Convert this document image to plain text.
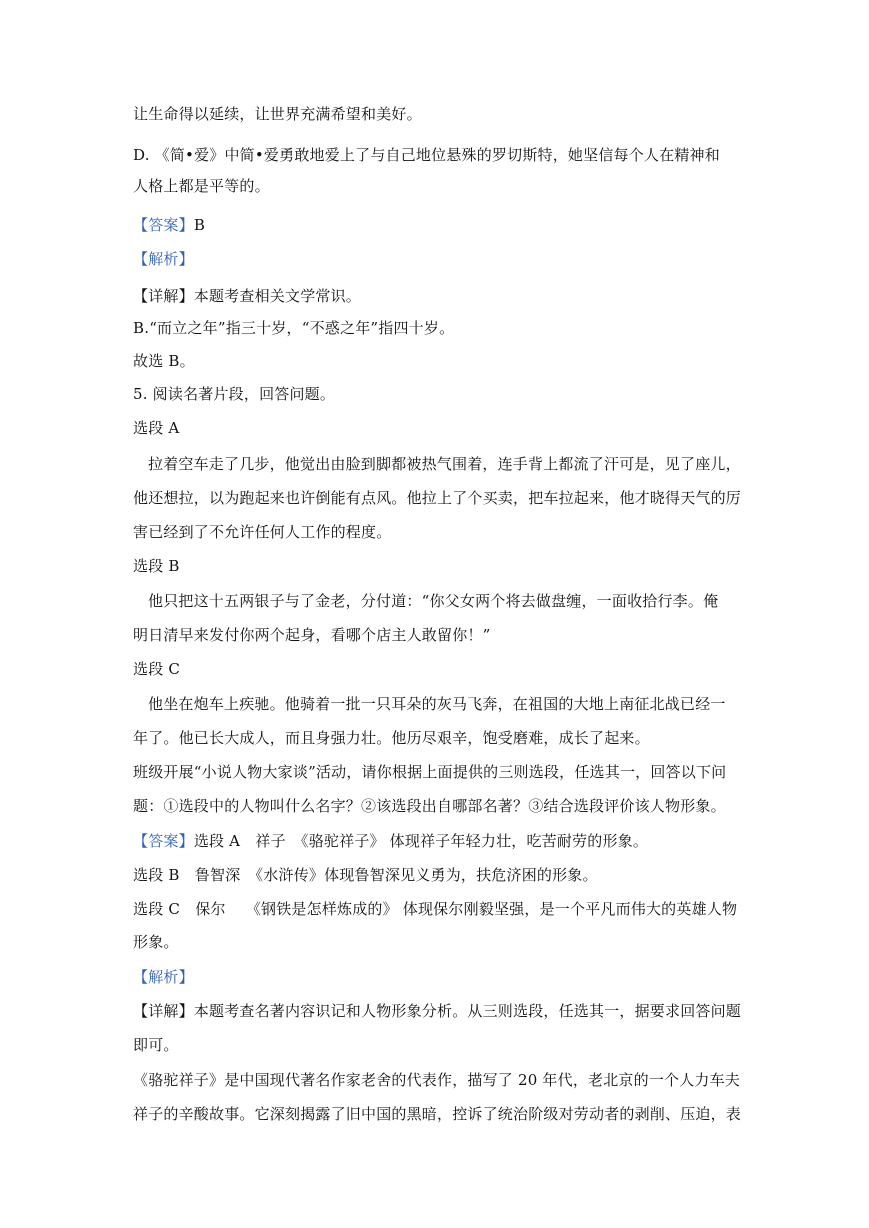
让生命得以延续，让世界充满希望和美好。
D. 《简•爱》中简•爱勇敢地爱上了与自己地位悬殊的罗切斯特，她坚信每个人在精神和
人格上都是平等的。
【答案】B
【解析】
【详解】本题考查相关文学常识。
B.“而立之年”指三十岁，“不惑之年”指四十岁。
故选 B。
5. 阅读名著片段，回答问题。
选段 A
拉着空车走了几步，他觉出由脸到脚都被热气围着，连手背上都流了汗可是，见了座儿，
他还想拉，以为跑起来也许倒能有点风。他拉上了个买卖，把车拉起来，他才晓得天气的厉
害已经到了不允许任何人工作的程度。
选段 B
他只把这十五两银子与了金老，分付道：“你父女两个将去做盘缠，一面收拾行李。俺
明日清早来发付你两个起身，看哪个店主人敢留你！”
选段 C
他坐在炮车上疾驰。他骑着一批一只耳朵的灰马飞奔，在祖国的大地上南征北战已经一
年了。他已长大成人，而且身强力壮。他历尽艰辛，饱受磨难，成长了起来。
班级开展“小说人物大家谈”活动，请你根据上面提供的三则选段，任选其一，回答以下问
题：①选段中的人物叫什么名字？②该选段出自哪部名著？③结合选段评价该人物形象。
【答案】选段 A　祥子　《骆驼祥子》 体现祥子年轻力壮，吃苦耐劳的形象。
选段 B　鲁智深　《水浒传》体现鲁智深见义勇为，扶危济困的形象。
选段 C　保尔　 《钢铁是怎样炼成的》 体现保尔刚毅坚强，是一个平凡而伟大的英雄人物
形象。
【解析】
【详解】本题考查名著内容识记和人物形象分析。从三则选段，任选其一，据要求回答问题
即可。
《骆驼祥子》是中国现代著名作家老舍的代表作，描写了 20 年代，老北京的一个人力车夫
祥子的辛酸故事。它深刻揭露了旧中国的黑暗，控诉了统治阶级对劳动者的剥削、压迫，表
